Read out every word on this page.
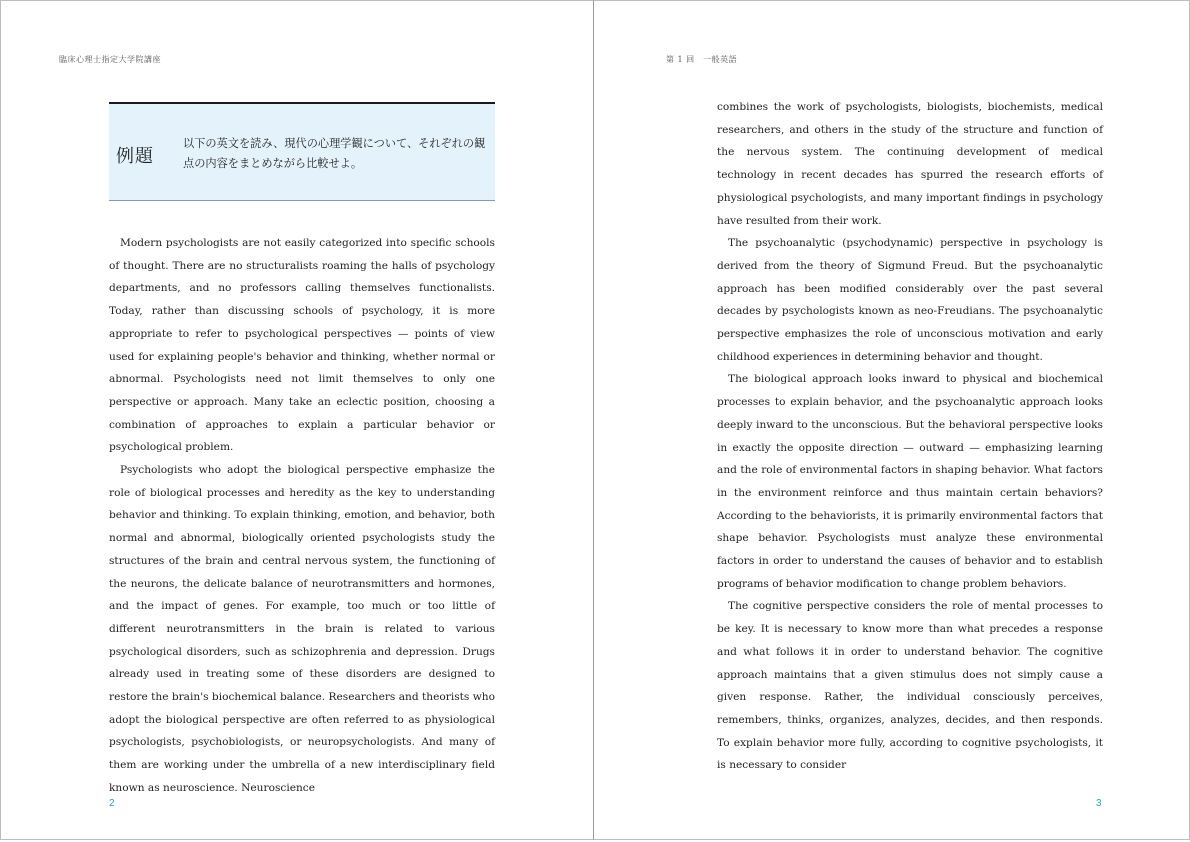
臨床心理士指定大学院講座
例題
以下の英文を読み、現代の心理学観について、それぞれの観点の内容をまとめながら比較せよ。

Modern psychologists are not easily categorized into specific schools of thought. There are no structuralists roaming the halls of psychology departments, and no professors calling themselves functionalists. Today, rather than discussing schools of psychology, it is more appropriate to refer to psychological perspectives — points of view used for explaining people's behavior and thinking, whether normal or abnormal. Psychologists need not limit themselves to only one perspective or approach. Many take an eclectic position, choosing a combination of approaches to explain a particular behavior or psychological problem.

Psychologists who adopt the biological perspective emphasize the role of biological processes and heredity as the key to understanding behavior and thinking. To explain thinking, emotion, and behavior, both normal and abnormal, biologically oriented psychologists study the structures of the brain and central nervous system, the functioning of the neurons, the delicate balance of neurotransmitters and hormones, and the impact of genes. For example, too much or too little of different neurotransmitters in the brain is related to various psychological disorders, such as schizophrenia and depression. Drugs already used in treating some of these disorders are designed to restore the brain's biochemical balance. Researchers and theorists who adopt the biological perspective are often referred to as physiological psychologists, psychobiologists, or neuropsychologists. And many of them are working under the umbrella of a new interdisciplinary field known as neuroscience. Neuroscience

2
第 1 回　一般英語

combines the work of psychologists, biologists, biochemists, medical researchers, and others in the study of the structure and function of the nervous system. The continuing development of medical technology in recent decades has spurred the research efforts of physiological psychologists, and many important findings in psychology have resulted from their work.

The psychoanalytic (psychodynamic) perspective in psychology is derived from the theory of Sigmund Freud. But the psychoanalytic approach has been modified considerably over the past several decades by psychologists known as neo-Freudians. The psychoanalytic perspective emphasizes the role of unconscious motivation and early childhood experiences in determining behavior and thought.

The biological approach looks inward to physical and biochemical processes to explain behavior, and the psychoanalytic approach looks deeply inward to the unconscious. But the behavioral perspective looks in exactly the opposite direction — outward — emphasizing learning and the role of environmental factors in shaping behavior. What factors in the environment reinforce and thus maintain certain behaviors? According to the behaviorists, it is primarily environmental factors that shape behavior. Psychologists must analyze these environmental factors in order to understand the causes of behavior and to establish programs of behavior modification to change problem behaviors.

The cognitive perspective considers the role of mental processes to be key. It is necessary to know more than what precedes a response and what follows it in order to understand behavior. The cognitive approach maintains that a given stimulus does not simply cause a given response. Rather, the individual consciously perceives, remembers, thinks, organizes, analyzes, decides, and then responds. To explain behavior more fully, according to cognitive psychologists, it is necessary to consider

3
